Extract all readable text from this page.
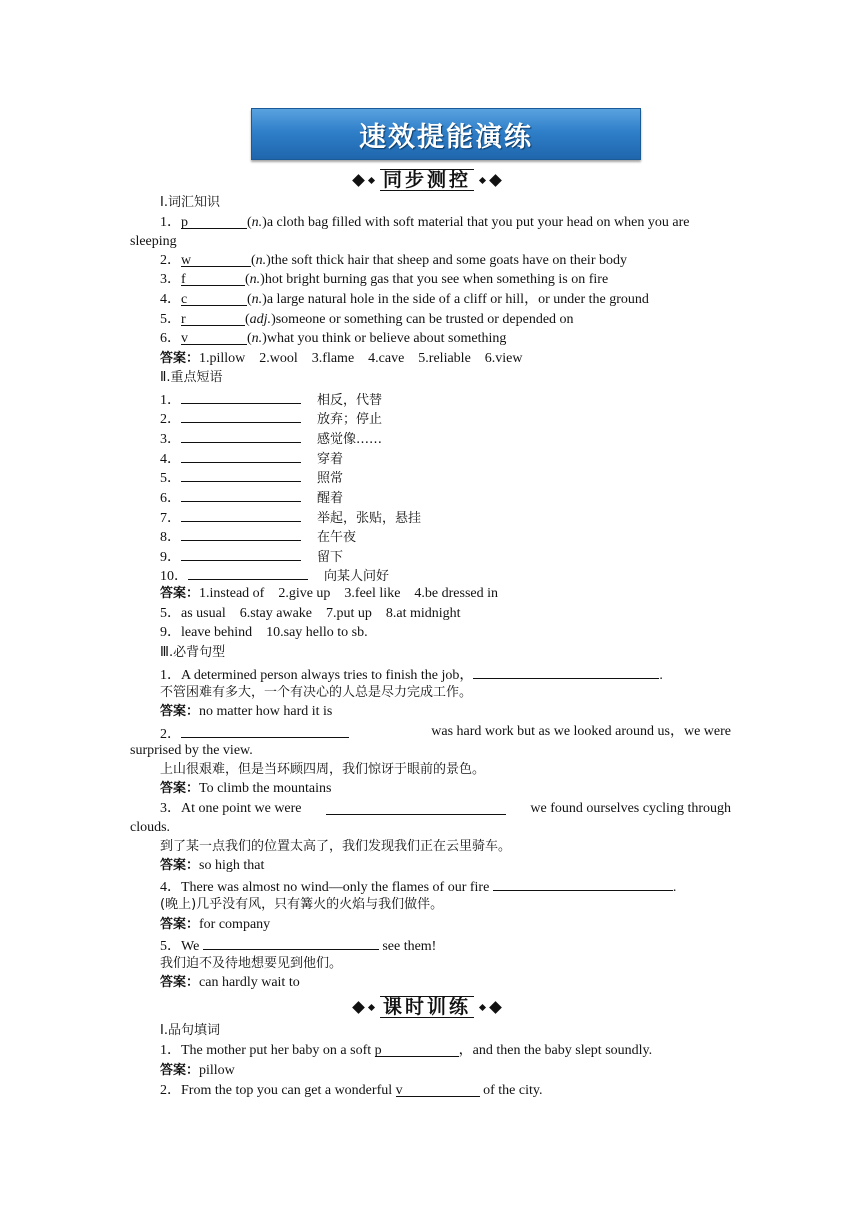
速效提能演练
同步测控
Ⅰ.词汇知识
1．p	(n.)a cloth bag filled with soft material that you put your head on when you are
sleeping
2．w	(n.)the soft thick hair that sheep and some goats have on their body
3．f	(n.)hot bright burning gas that you see when something is on fire
4．c	(n.)a large natural hole in the side of a cliff or hill，or under the ground
5．r	(adj.)someone or something can be trusted or depended on
6．v	(n.)what you think or believe about something
答案：1.pillow　2.wool　3.flame　4.cave　5.reliable　6.view
Ⅱ.重点短语
1．	相反，代替
2．	放弃；停止
3．	感觉像……
4．	穿着
5．	照常
6．	醒着
7．	举起，张贴，悬挂
8．	在午夜
9．	留下
10．	向某人问好
答案：1.instead of　2.give up　3.feel like　4.be dressed in
5．as usual　6.stay awake　7.put up　8.at midnight
9．leave behind　10.say hello to sb.
Ⅲ.必背句型
1．A determined person always tries to finish the job，	.
不管困难有多大，一个有决心的人总是尽力完成工作。
答案：no matter how hard it is
2．	was hard work but as we looked around us，we were
surprised by the view.
上山很艰难，但是当环顾四周，我们惊讶于眼前的景色。
答案：To climb the mountains
3．At one point we were	we found ourselves cycling through
clouds.
到了某一点我们的位置太高了，我们发现我们正在云里骑车。
答案：so high that
4．There was almost no wind—only the flames of our fire	.
(晚上)几乎没有风，只有篝火的火焰与我们做伴。
答案：for company
5．We	see them!
我们迫不及待地想要见到他们。
答案：can hardly wait to
课时训练
Ⅰ.品句填词
1．The mother put her baby on a soft p	，and then the baby slept soundly.
答案：pillow
2．From the top you can get a wonderful v	of the city.
